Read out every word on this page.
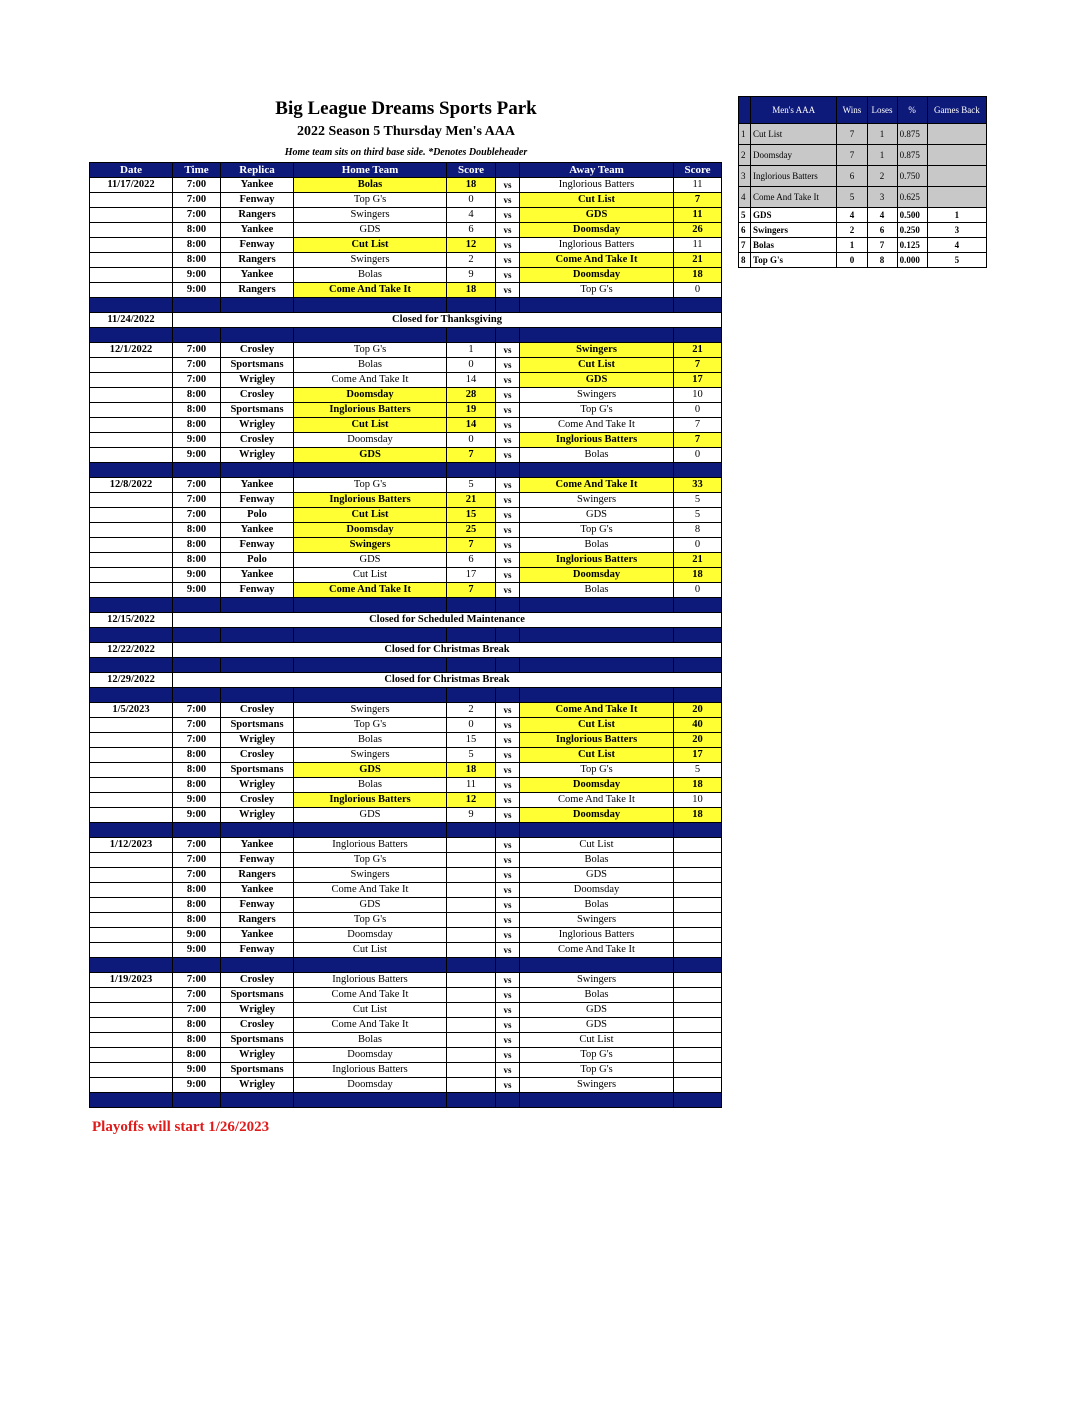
Big League Dreams Sports Park
2022 Season 5 Thursday Men's AAA
Home team sits on third base side. *Denotes Doubleheader
Date	Time	Replica	Home Team	Score		Away Team	Score
11/17/2022	7:00	Yankee	Bolas	18	vs	Inglorious Batters	11
	7:00	Fenway	Top G's	0	vs	Cut List	7
	7:00	Rangers	Swingers	4	vs	GDS	11
	8:00	Yankee	GDS	6	vs	Doomsday	26
	8:00	Fenway	Cut List	12	vs	Inglorious Batters	11
	8:00	Rangers	Swingers	2	vs	Come And Take It	21
	9:00	Yankee	Bolas	9	vs	Doomsday	18
	9:00	Rangers	Come And Take It	18	vs	Top G's	0

11/24/2022	Closed for Thanksgiving						

12/1/2022	7:00	Crosley	Top G's	1	vs	Swingers	21
	7:00	Sportsmans	Bolas	0	vs	Cut List	7
	7:00	Wrigley	Come And Take It	14	vs	GDS	17
	8:00	Crosley	Doomsday	28	vs	Swingers	10
	8:00	Sportsmans	Inglorious Batters	19	vs	Top G's	0
	8:00	Wrigley	Cut List	14	vs	Come And Take It	7
	9:00	Crosley	Doomsday	0	vs	Inglorious Batters	7
	9:00	Wrigley	GDS	7	vs	Bolas	0

12/8/2022	7:00	Yankee	Top G's	5	vs	Come And Take It	33
	7:00	Fenway	Inglorious Batters	21	vs	Swingers	5
	7:00	Polo	Cut List	15	vs	GDS	5
	8:00	Yankee	Doomsday	25	vs	Top G's	8
	8:00	Fenway	Swingers	7	vs	Bolas	0
	8:00	Polo	GDS	6	vs	Inglorious Batters	21
	9:00	Yankee	Cut List	17	vs	Doomsday	18
	9:00	Fenway	Come And Take It	7	vs	Bolas	0

12/15/2022	Closed for Scheduled Maintenance						

12/22/2022	Closed for Christmas Break						

12/29/2022	Closed for Christmas Break						

1/5/2023	7:00	Crosley	Swingers	2	vs	Come And Take It	20
	7:00	Sportsmans	Top G's	0	vs	Cut List	40
	7:00	Wrigley	Bolas	15	vs	Inglorious Batters	20
	8:00	Crosley	Swingers	5	vs	Cut List	17
	8:00	Sportsmans	GDS	18	vs	Top G's	5
	8:00	Wrigley	Bolas	11	vs	Doomsday	18
	9:00	Crosley	Inglorious Batters	12	vs	Come And Take It	10
	9:00	Wrigley	GDS	9	vs	Doomsday	18

1/12/2023	7:00	Yankee	Inglorious Batters		vs	Cut List	
	7:00	Fenway	Top G's		vs	Bolas	
	7:00	Rangers	Swingers		vs	GDS	
	8:00	Yankee	Come And Take It		vs	Doomsday	
	8:00	Fenway	GDS		vs	Bolas	
	8:00	Rangers	Top G's		vs	Swingers	
	9:00	Yankee	Doomsday		vs	Inglorious Batters	
	9:00	Fenway	Cut List		vs	Come And Take It	

1/19/2023	7:00	Crosley	Inglorious Batters		vs	Swingers	
	7:00	Sportsmans	Come And Take It		vs	Bolas	
	7:00	Wrigley	Cut List		vs	GDS	
	8:00	Crosley	Come And Take It		vs	GDS	
	8:00	Sportsmans	Bolas		vs	Cut List	
	8:00	Wrigley	Doomsday		vs	Top G's	
	9:00	Sportsmans	Inglorious Batters		vs	Top G's	
	9:00	Wrigley	Doomsday		vs	Swingers	

	Men's AAA	Wins	Loses	%	Games Back
1	Cut List	7	1	0.875	
2	Doomsday	7	1	0.875	
3	Inglorious Batters	6	2	0.750	
4	Come And Take It	5	3	0.625	
5	GDS	4	4	0.500	1
6	Swingers	2	6	0.250	3
7	Bolas	1	7	0.125	4
8	Top G's	0	8	0.000	5
Playoffs will start 1/26/2023
